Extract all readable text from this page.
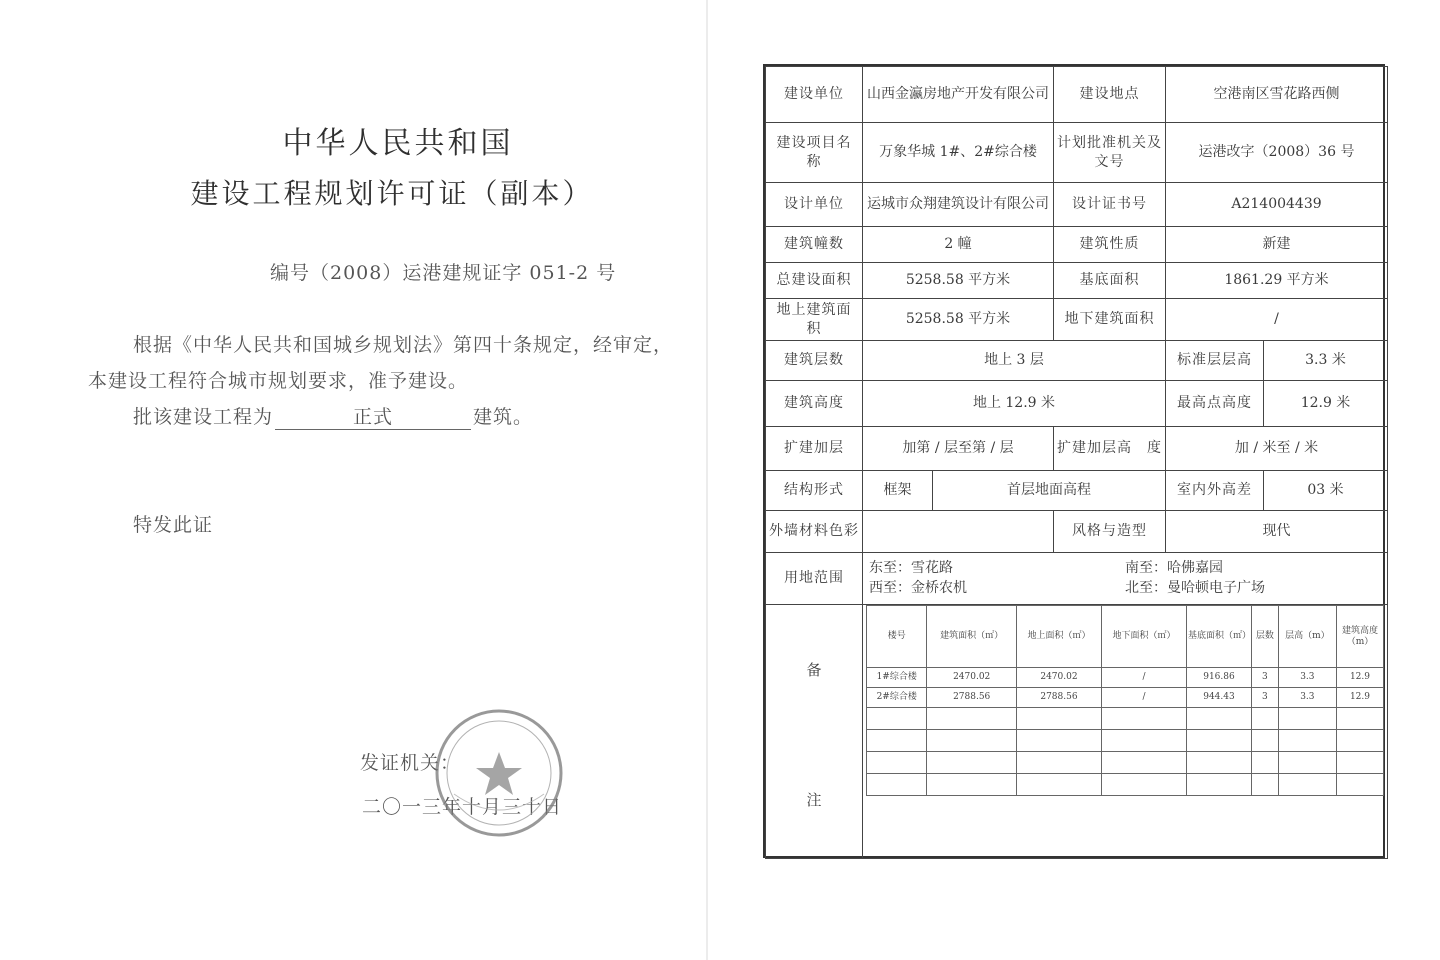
中华人民共和国
建设工程规划许可证（副本）
编号（2008）运港建规证字 051-2 号
根据《中华人民共和国城乡规划法》第四十条规定，经审定，
本建设工程符合城市规划要求，准予建设。
批该建设工程为	正式	建筑。
特发此证
发证机关：
二〇一三年十月三十日
建设单位	山西金瀛房地产开发有限公司	建设地点	空港南区雪花路西侧
建设项目名　称	万象华城 1#、2#综合楼	计划批准机关及文号	运港改字（2008）36 号
设计单位	运城市众翔建筑设计有限公司	设计证书号	A214004439
建筑幢数	2 幢	建筑性质	新建
总建设面积	5258.58 平方米	基底面积	1861.29 平方米
地上建筑面　积	5258.58 平方米	地下建筑面积	/
建筑层数	地上 3 层	标准层层高	3.3 米
建筑高度	地上 12.9 米	最高点高度	12.9 米
扩建加层	加第 / 层至第 / 层	扩建加层高　度	加 / 米至 / 米
结构形式	框架	首层地面高程	室内外高差	03 米
外墙材料色彩		风格与造型	现代
用地范围	
东至：雪花路	南至：哈佛嘉园
西至：金桥农机	北至：曼哈顿电子广场

备
注

楼号	建筑面积（㎡）	地上面积（㎡）	地下面积（㎡）	基底面积（㎡）	层数	层高（m）	建筑高度（m）
1#综合楼	2470.02	2470.02	/	916.86	3	3.3	12.9
2#综合楼	2788.56	2788.56	/	944.43	3	3.3	12.9
